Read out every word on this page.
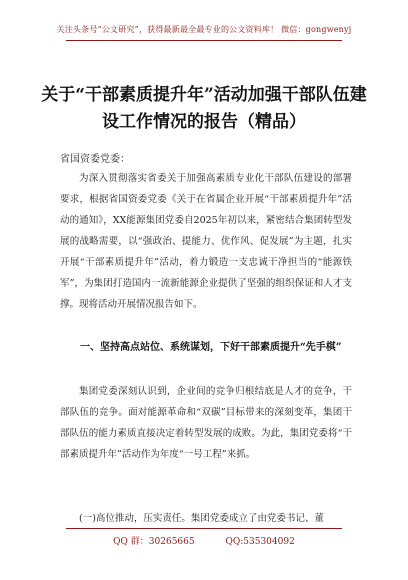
关注头条号“公文研究”，获得最新最全最专业的公文资料库！ 微信：gongwenyj
关于“干部素质提升年”活动加强干部队伍建设工作情况的报告（精品）
省国资委党委：
为深入贯彻落实省委关于加强高素质专业化干部队伍建设的部署要求，根据省国资委党委《关于在省属企业开展“干部素质提升年”活动的通知》，XX能源集团党委自2025年初以来，紧密结合集团转型发展的战略需要，以“强政治、提能力、优作风、促发展”为主题，扎实开展“干部素质提升年”活动，着力锻造一支忠诚干净担当的“能源铁军”，为集团打造国内一流新能源企业提供了坚强的组织保证和人才支撑。现将活动开展情况报告如下。
一、坚持高点站位、系统谋划，下好干部素质提升“先手棋”
集团党委深刻认识到，企业间的竞争归根结底是人才的竞争，干部队伍的竞争。面对能源革命和“双碳”目标带来的深刻变革，集团干部队伍的能力素质直接决定着转型发展的成败。为此，集团党委将“干部素质提升年”活动作为年度“一号工程”来抓。
(一)高位推动，压实责任。集团党委成立了由党委书记、董
QQ 群：30265665	QQ:535304092
